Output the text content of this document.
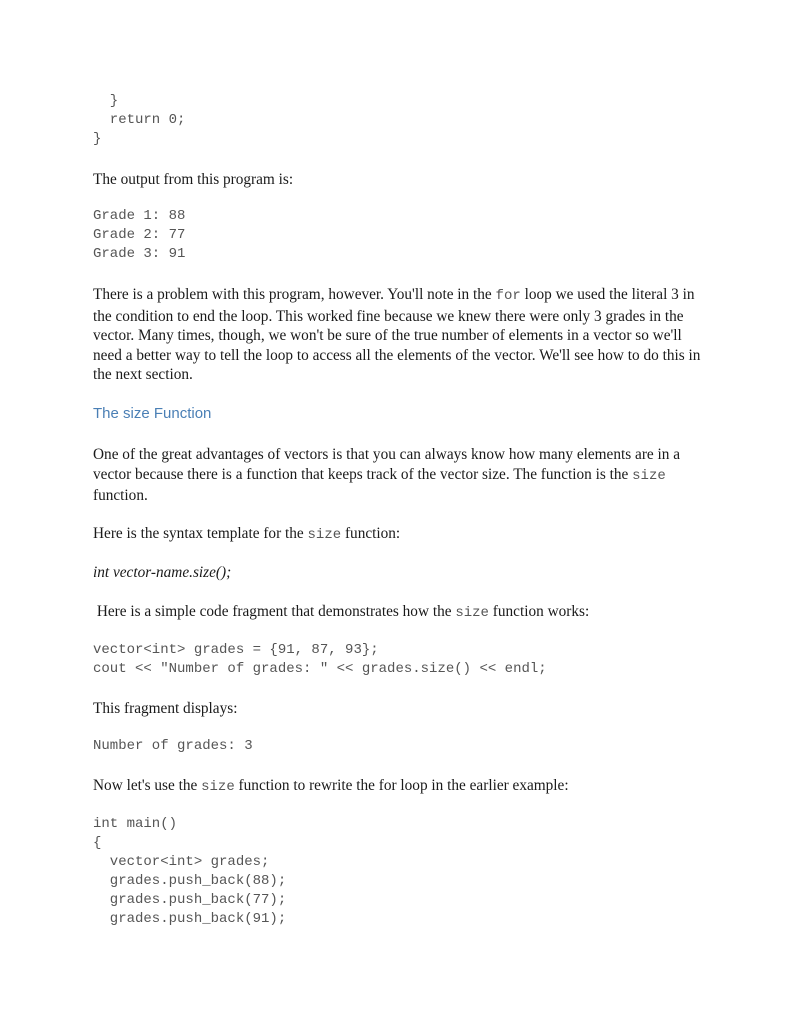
}
return 0;
}

The output from this program is:

Grade 1: 88
Grade 2: 77
Grade 3: 91

There is a problem with this program, however. You'll note in the for loop we used the literal 3 in the condition to end the loop. This worked fine because we knew there were only 3 grades in the vector. Many times, though, we won't be sure of the true number of elements in a vector so we'll need a better way to tell the loop to access all the elements of the vector. We'll see how to do this in the next section.

The size Function

One of the great advantages of vectors is that you can always know how many elements are in a vector because there is a function that keeps track of the vector size. The function is the size function.

Here is the syntax template for the size function:

int vector-name.size();

Here is a simple code fragment that demonstrates how the size function works:

vector<int> grades = {91, 87, 93};
cout << "Number of grades: " << grades.size() << endl;

This fragment displays:

Number of grades: 3

Now let's use the size function to rewrite the for loop in the earlier example:

int main()
{
vector<int> grades;
grades.push_back(88);
grades.push_back(77);
grades.push_back(91);
